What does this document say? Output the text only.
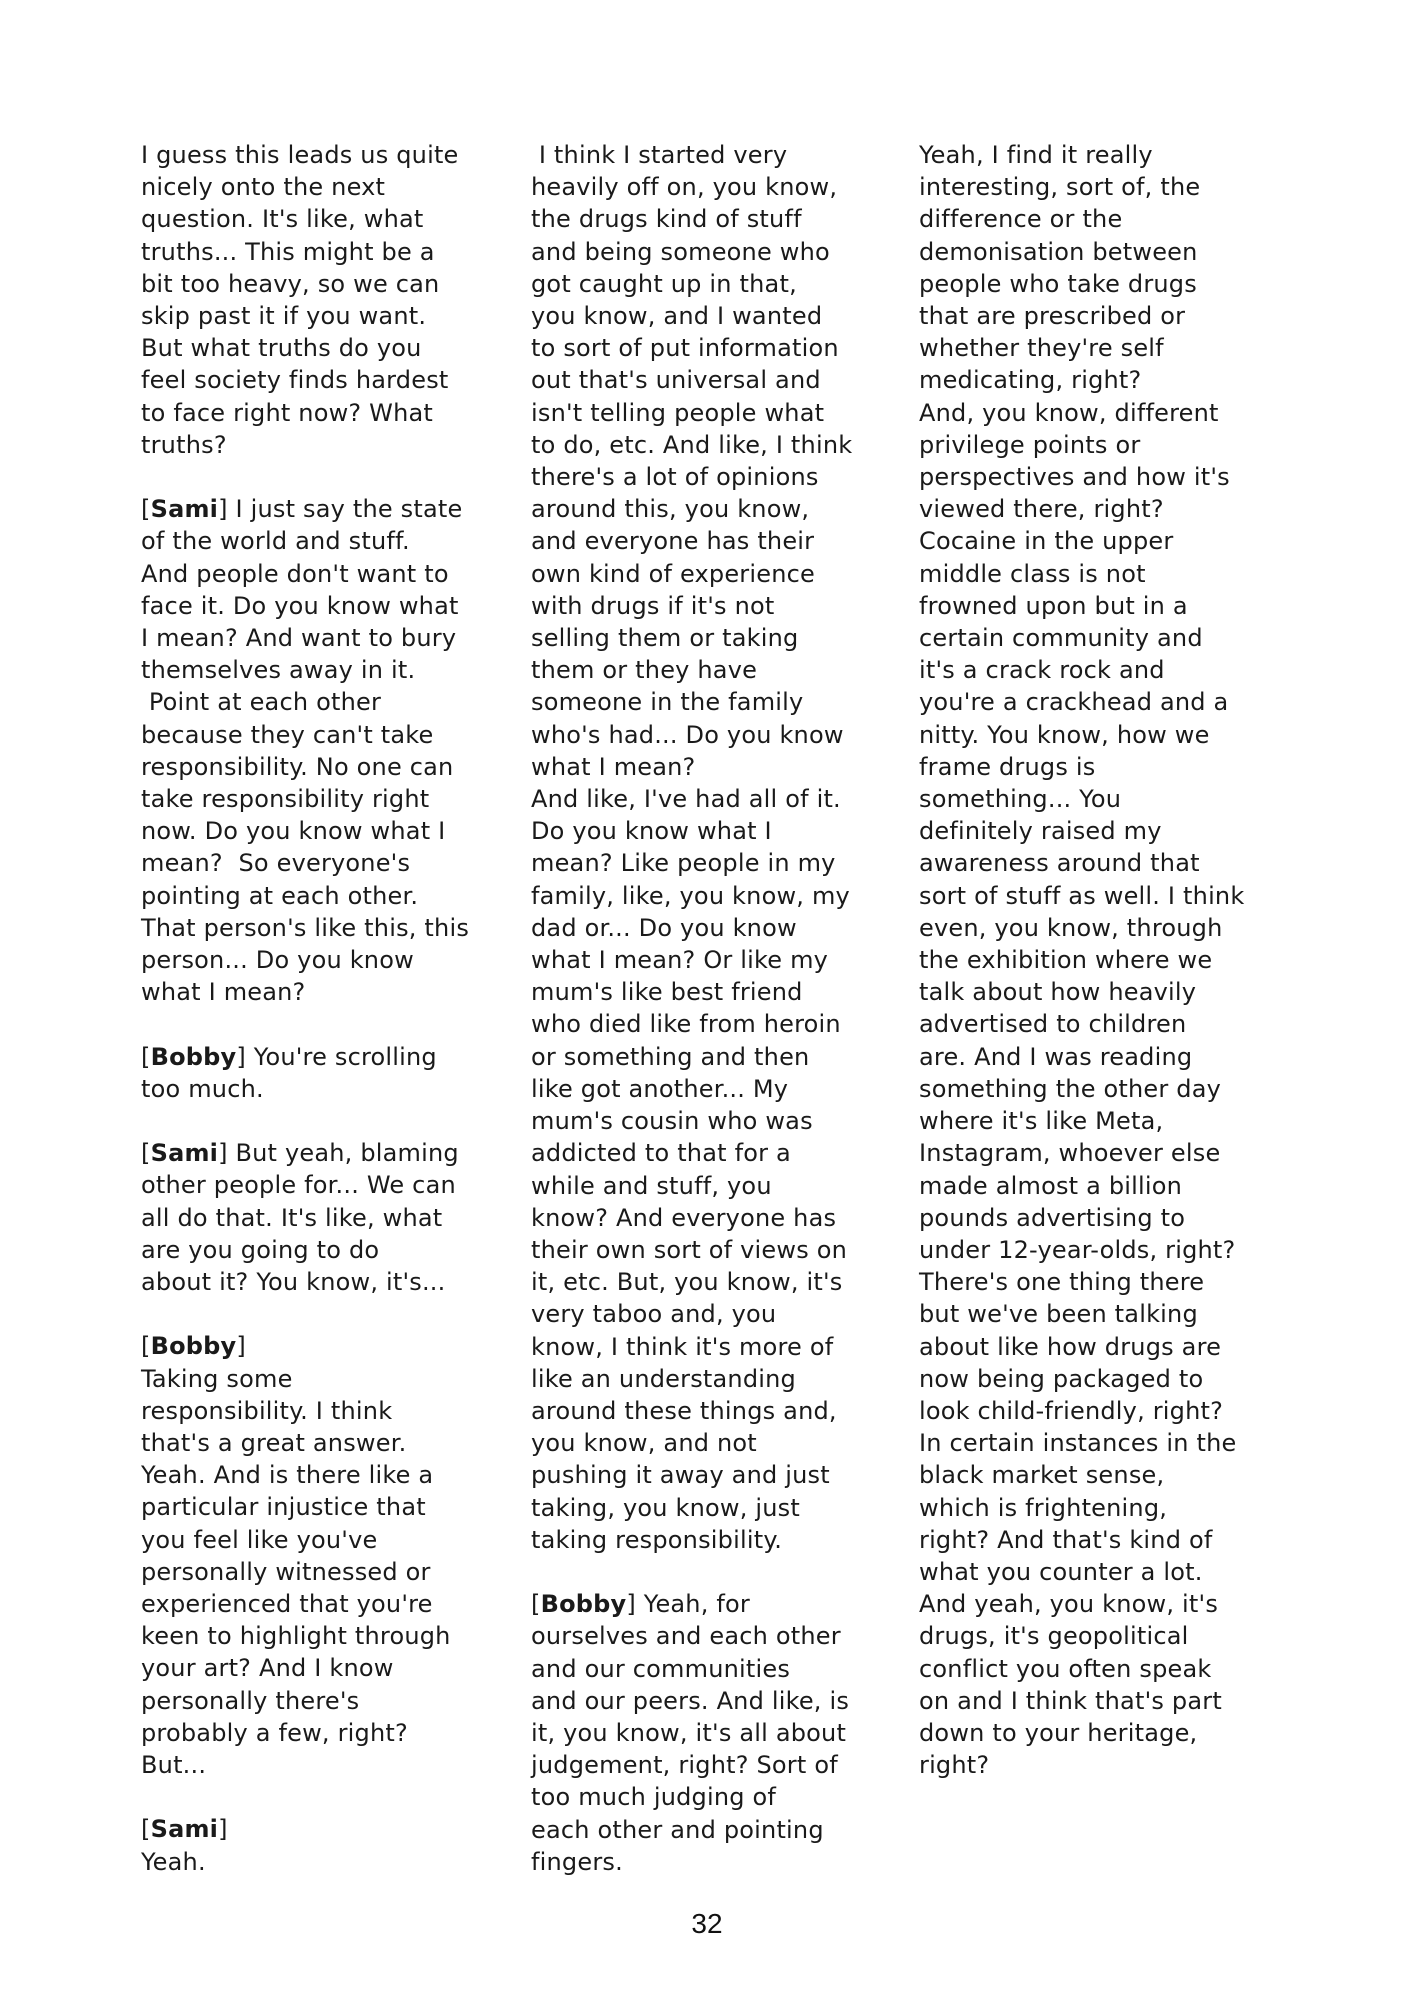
I guess this leads us quite
nicely onto the next
question. It's like, what
truths... This might be a
bit too heavy, so we can
skip past it if you want.
But what truths do you
feel society finds hardest
to face right now? What
truths?
[Sami] I just say the state
of the world and stuff.
And people don't want to
face it. Do you know what
I mean? And want to bury
themselves away in it.
Point at each other
because they can't take
responsibility. No one can
take responsibility right
now. Do you know what I
mean?  So everyone's
pointing at each other.
That person's like this, this
person... Do you know
what I mean?
[Bobby] You're scrolling
too much.
[Sami] But yeah, blaming
other people for... We can
all do that. It's like, what
are you going to do
about it? You know, it's...
[Bobby]
Taking some
responsibility. I think
that's a great answer.
Yeah. And is there like a
particular injustice that
you feel like you've
personally witnessed or
experienced that you're
keen to highlight through
your art? And I know
personally there's
probably a few, right?
But...
[Sami]
Yeah.
I think I started very
heavily off on, you know,
the drugs kind of stuff
and being someone who
got caught up in that,
you know, and I wanted
to sort of put information
out that's universal and
isn't telling people what
to do, etc. And like, I think
there's a lot of opinions
around this, you know,
and everyone has their
own kind of experience
with drugs if it's not
selling them or taking
them or they have
someone in the family
who's had... Do you know
what I mean?
And like, I've had all of it.
Do you know what I
mean? Like people in my
family, like, you know, my
dad or... Do you know
what I mean? Or like my
mum's like best friend
who died like from heroin
or something and then
like got another... My
mum's cousin who was
addicted to that for a
while and stuff, you
know? And everyone has
their own sort of views on
it, etc. But, you know, it's
very taboo and, you
know, I think it's more of
like an understanding
around these things and,
you know, and not
pushing it away and just
taking, you know, just
taking responsibility.
[Bobby] Yeah, for
ourselves and each other
and our communities
and our peers. And like, is
it, you know, it's all about
judgement, right? Sort of
too much judging of
each other and pointing
fingers.
Yeah, I find it really
interesting, sort of, the
difference or the
demonisation between
people who take drugs
that are prescribed or
whether they're self
medicating, right?
And, you know, different
privilege points or
perspectives and how it's
viewed there, right?
Cocaine in the upper
middle class is not
frowned upon but in a
certain community and
it's a crack rock and
you're a crackhead and a
nitty. You know, how we
frame drugs is
something... You
definitely raised my
awareness around that
sort of stuff as well. I think
even, you know, through
the exhibition where we
talk about how heavily
advertised to children
are. And I was reading
something the other day
where it's like Meta,
Instagram, whoever else
made almost a billion
pounds advertising to
under 12-year-olds, right?
There's one thing there
but we've been talking
about like how drugs are
now being packaged to
look child-friendly, right?
In certain instances in the
black market sense,
which is frightening,
right? And that's kind of
what you counter a lot.
And yeah, you know, it's
drugs, it's geopolitical
conflict you often speak
on and I think that's part
down to your heritage,
right?
32
